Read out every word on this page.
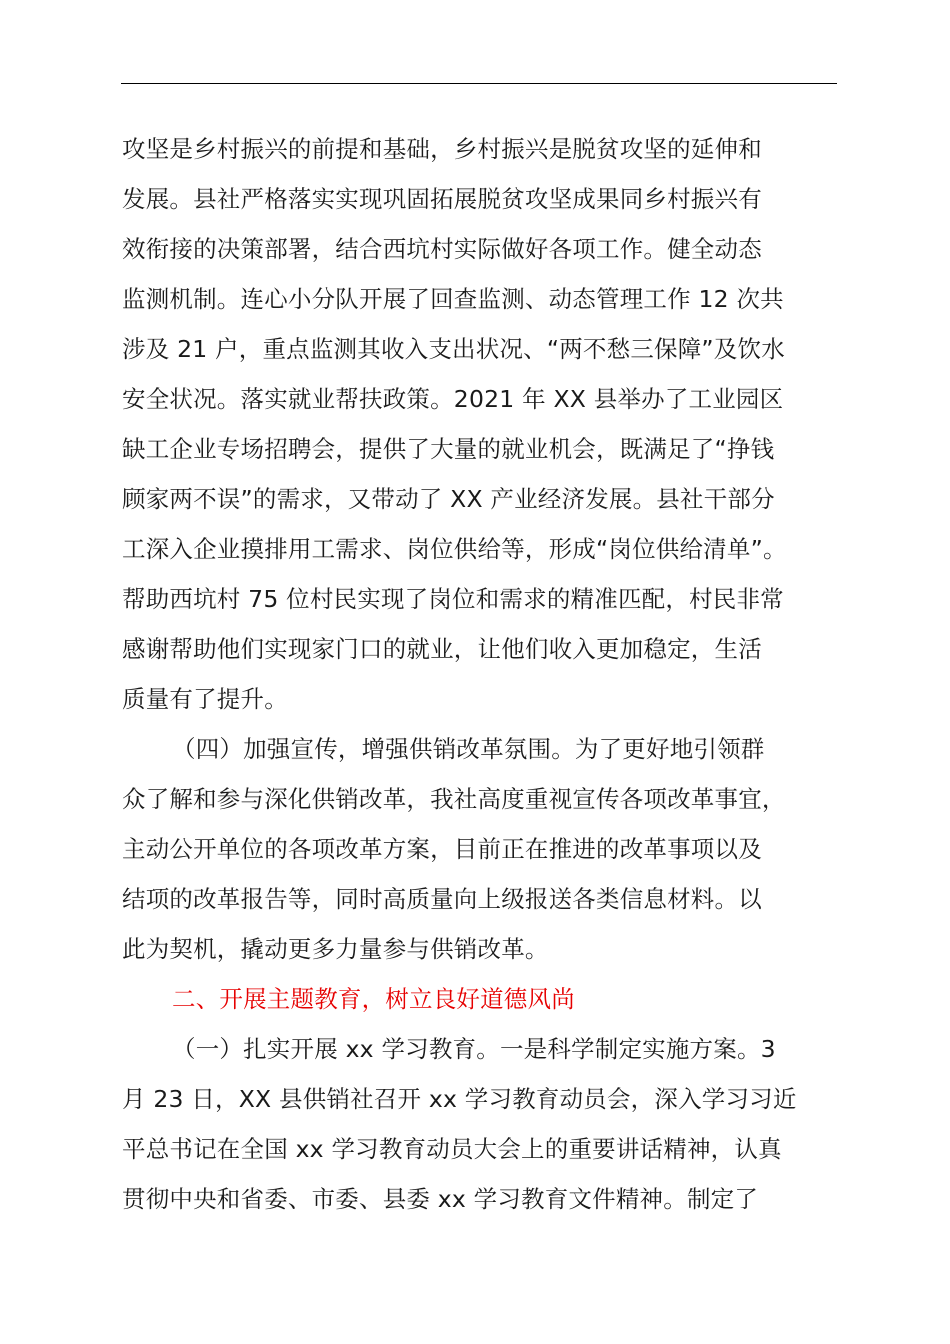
攻坚是乡村振兴的前提和基础，乡村振兴是脱贫攻坚的延伸和
发展。县社严格落实实现巩固拓展脱贫攻坚成果同乡村振兴有
效衔接的决策部署，结合西坑村实际做好各项工作。健全动态
监测机制。连心小分队开展了回查监测、动态管理工作 12 次共
涉及 21 户，重点监测其收入支出状况、“两不愁三保障”及饮水
安全状况。落实就业帮扶政策。2021 年 XX 县举办了工业园区
缺工企业专场招聘会，提供了大量的就业机会，既满足了“挣钱
顾家两不误”的需求，又带动了 XX 产业经济发展。县社干部分
工深入企业摸排用工需求、岗位供给等，形成“岗位供给清单”。
帮助西坑村 75 位村民实现了岗位和需求的精准匹配，村民非常
感谢帮助他们实现家门口的就业，让他们收入更加稳定，生活
质量有了提升。
（四）加强宣传，增强供销改革氛围。为了更好地引领群
众了解和参与深化供销改革，我社高度重视宣传各项改革事宜，
主动公开单位的各项改革方案，目前正在推进的改革事项以及
结项的改革报告等，同时高质量向上级报送各类信息材料。以
此为契机，撬动更多力量参与供销改革。
二、开展主题教育，树立良好道德风尚
（一）扎实开展 xx 学习教育。一是科学制定实施方案。3
月 23 日，XX 县供销社召开 xx 学习教育动员会，深入学习习近
平总书记在全国 xx 学习教育动员大会上的重要讲话精神，认真
贯彻中央和省委、市委、县委 xx 学习教育文件精神。制定了
